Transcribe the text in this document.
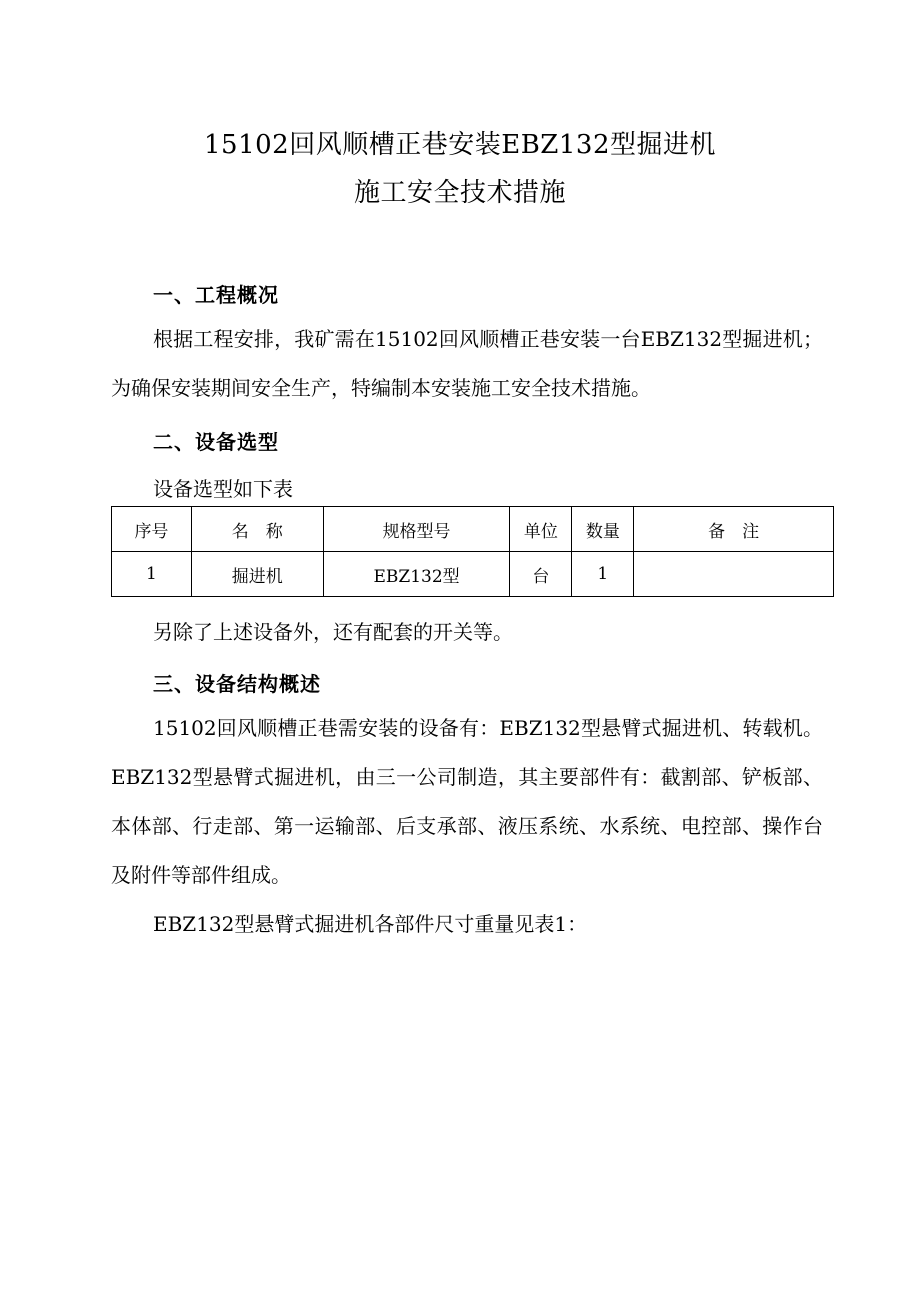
15102回风顺槽正巷安装EBZ132型掘进机
施工安全技术措施
一、工程概况
根据工程安排，我矿需在15102回风顺槽正巷安装一台EBZ132型掘进机；为确保安装期间安全生产，特编制本安装施工安全技术措施。
二、设备选型
设备选型如下表
序号	名　称	规格型号	单位	数量	备　注
1	掘进机	EBZ132型	台	1	
另除了上述设备外，还有配套的开关等。
三、设备结构概述
15102回风顺槽正巷需安装的设备有：EBZ132型悬臂式掘进机、转载机。EBZ132型悬臂式掘进机，由三一公司制造，其主要部件有：截割部、铲板部、本体部、行走部、第一运输部、后支承部、液压系统、水系统、电控部、操作台及附件等部件组成。
EBZ132型悬臂式掘进机各部件尺寸重量见表1：
